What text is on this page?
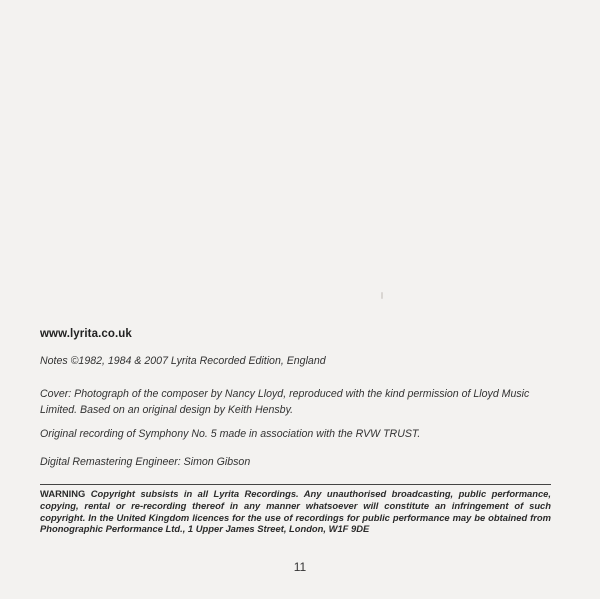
www.lyrita.co.uk
Notes ©1982, 1984 & 2007 Lyrita Recorded Edition, England
Cover: Photograph of the composer by Nancy Lloyd, reproduced with the kind permission of Lloyd Music Limited. Based on an original design by Keith Hensby.
Original recording of Symphony No. 5 made in association with the RVW TRUST.
Digital Remastering Engineer: Simon Gibson
WARNING Copyright subsists in all Lyrita Recordings. Any unauthorised broadcasting, public performance, copying, rental or re-recording thereof in any manner whatsoever will constitute an infringement of such copyright. In the United Kingdom licences for the use of recordings for public performance may be obtained from Phonographic Performance Ltd., 1 Upper James Street, London, W1F 9DE
11
